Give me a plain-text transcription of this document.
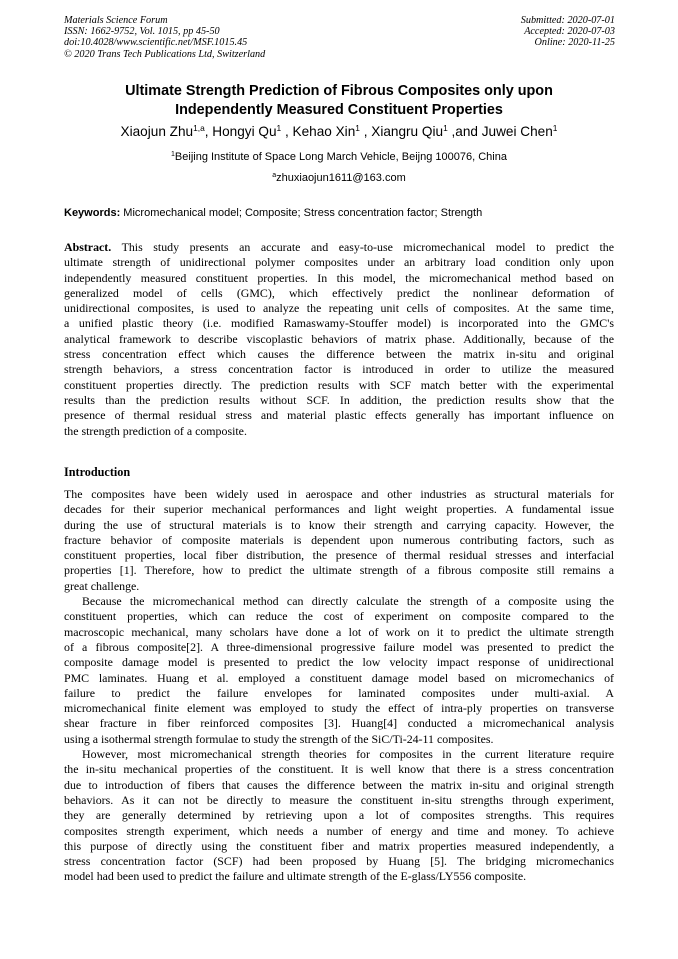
Materials Science Forum
ISSN: 1662-9752, Vol. 1015, pp 45-50
doi:10.4028/www.scientific.net/MSF.1015.45
© 2020 Trans Tech Publications Ltd, Switzerland
Submitted: 2020-07-01
Accepted: 2020-07-03
Online: 2020-11-25
Ultimate Strength Prediction of Fibrous Composites only upon
Independently Measured Constituent Properties
Xiaojun Zhu$^{1,a}$, Hongyi Qu$^1$ , Kehao Xin$^1$ , Xiangru Qiu$^1$ ,and Juwei Chen$^1$
$^1$Beijing Institute of Space Long March Vehicle, Beijng 100076, China
$^a$zhuxiaojun1611@163.com
Keywords: Micromechanical model; Composite; Stress concentration factor; Strength
Abstract. This study presents an accurate and easy-to-use micromechanical model to predict the
ultimate strength of unidirectional polymer composites under an arbitrary load condition only upon
independently measured constituent properties. In this model, the micromechanical method based on
generalized model of cells (GMC), which effectively predict the nonlinear deformation of
unidirectional composites, is used to analyze the repeating unit cells of composites. At the same time,
a unified plastic theory (i.e. modified Ramaswamy-Stouffer model) is incorporated into the GMC's
analytical framework to describe viscoplastic behaviors of matrix phase. Additionally, because of the
stress concentration effect which causes the difference between the matrix in-situ and original
strength behaviors, a stress concentration factor is introduced in order to utilize the measured
constituent properties directly. The prediction results with SCF match better with the experimental
results than the prediction results without SCF. In addition, the prediction results show that the
presence of thermal residual stress and material plastic effects generally has important influence on
the strength prediction of a composite.
Introduction
The composites have been widely used in aerospace and other industries as structural materials for
decades for their superior mechanical performances and light weight properties. A fundamental issue
during the use of structural materials is to know their strength and carrying capacity. However, the
fracture behavior of composite materials is dependent upon numerous contributing factors, such as
constituent properties, local fiber distribution, the presence of thermal residual stresses and interfacial
properties [1]. Therefore, how to predict the ultimate strength of a fibrous composite still remains a
great challenge.
Because the micromechanical method can directly calculate the strength of a composite using the
constituent properties, which can reduce the cost of experiment on composite compared to the
macroscopic mechanical, many scholars have done a lot of work on it to predict the ultimate strength
of a fibrous composite[2]. A three-dimensional progressive failure model was presented to predict the
composite damage model is presented to predict the low velocity impact response of unidirectional
PMC laminates. Huang et al. employed a constituent damage model based on micromechanics of
failure to predict the failure envelopes for laminated composites under multi-axial. A
micromechanical finite element was employed to study the effect of intra-ply properties on transverse
shear fracture in fiber reinforced composites [3]. Huang[4] conducted a micromechanical analysis
using a isothermal strength formulae to study the strength of the SiC/Ti-24-11 composites.
However, most micromechanical strength theories for composites in the current literature require
the in-situ mechanical properties of the constituent. It is well know that there is a stress concentration
due to introduction of fibers that causes the difference between the matrix in-situ and original strength
behaviors. As it can not be directly to measure the constituent in-situ strengths through experiment,
they are generally determined by retrieving upon a lot of composites strengths. This requires
composites strength experiment, which needs a number of energy and time and money. To achieve
this purpose of directly using the constituent fiber and matrix properties measured independently, a
stress concentration factor (SCF) had been proposed by Huang [5]. The bridging micromechanics
model had been used to predict the failure and ultimate strength of the E-glass/LY556 composite.
